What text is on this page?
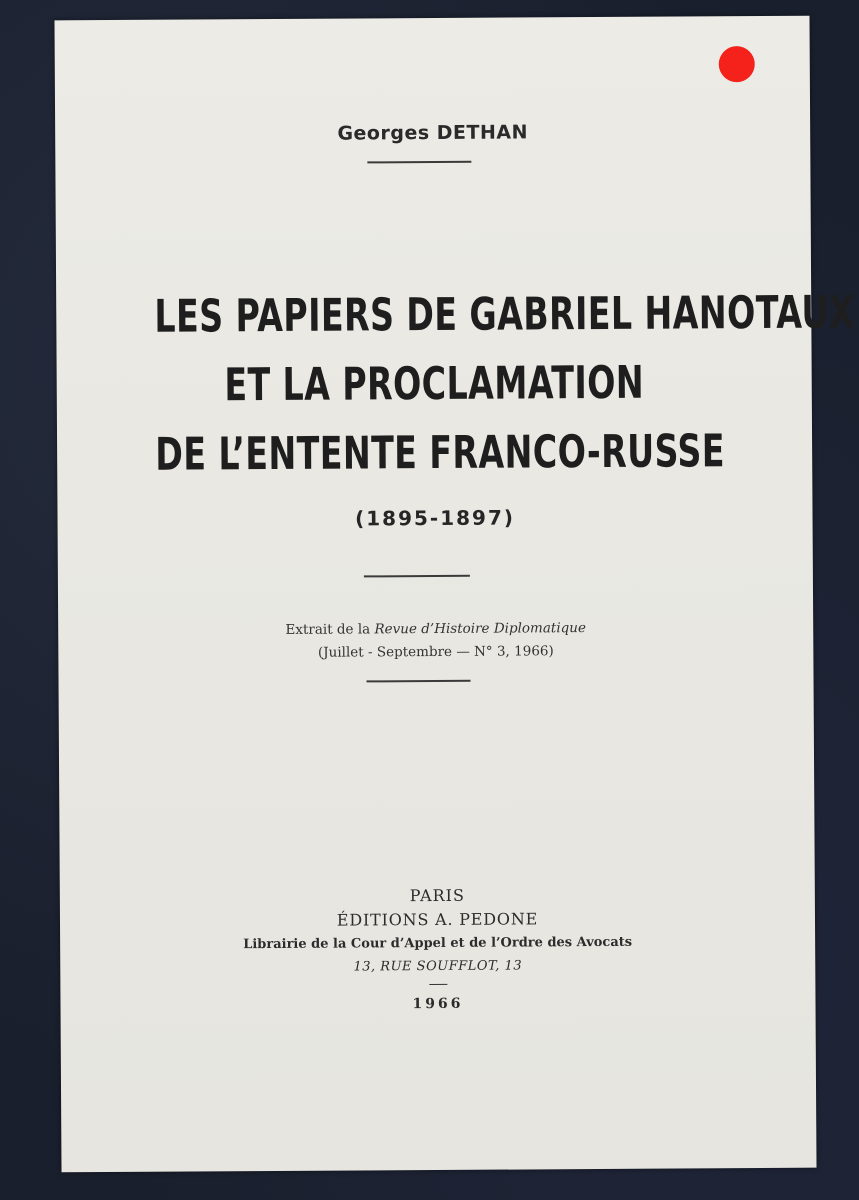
Georges DETHAN
LES PAPIERS DE GABRIEL HANOTAUX
ET LA PROCLAMATION
DE L’ENTENTE FRANCO-RUSSE
(1895-1897)
Extrait de la Revue d’Histoire Diplomatique
(Juillet - Septembre — N° 3, 1966)
PARIS
ÉDITIONS A. PEDONE
Librairie de la Cour d’Appel et de l’Ordre des Avocats
13, RUE SOUFFLOT, 13
1966
